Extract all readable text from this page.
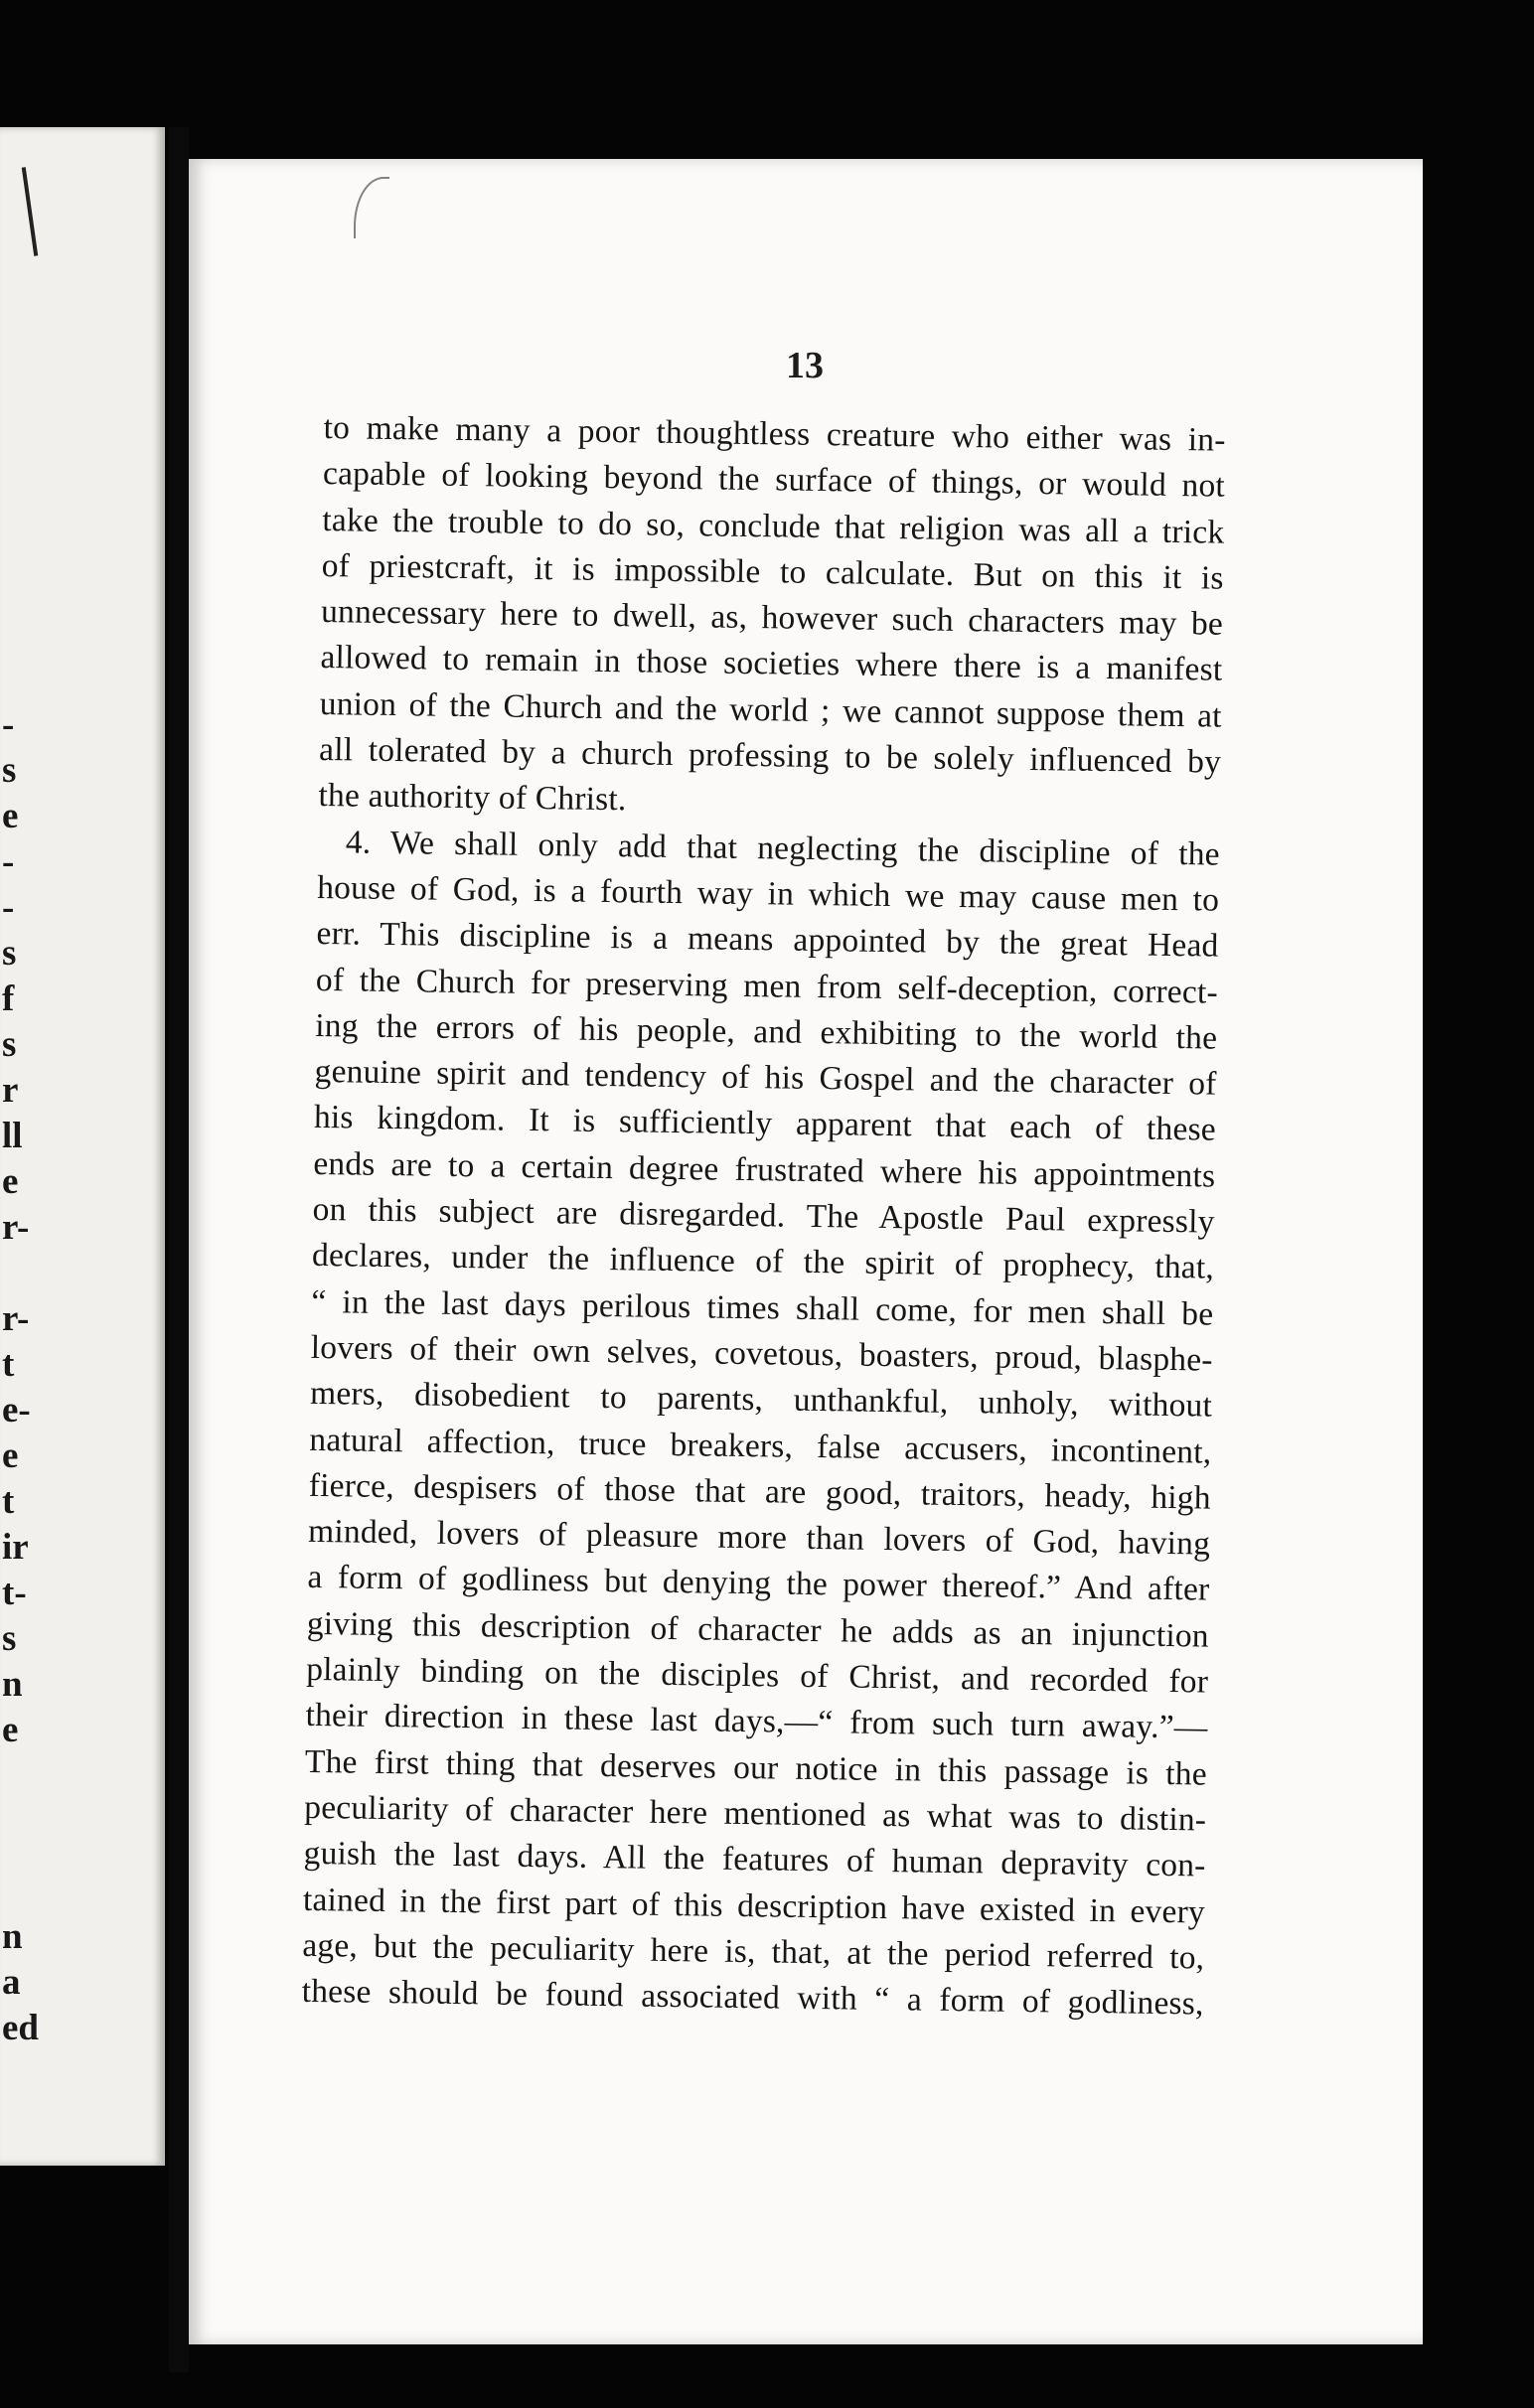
-
s
e
-
-
s
f
s
r
ll
e
r-
r-
t
e-
e
t
ir
t-
s
n
e
n
a
ed
13
to make many a poor thoughtless creature who either was in-
capable of looking beyond the surface of things, or would not
take the trouble to do so, conclude that religion was all a trick
of priestcraft, it is impossible to calculate. But on this it is
unnecessary here to dwell, as, however such characters may be
allowed to remain in those societies where there is a manifest
union of the Church and the world ; we cannot suppose them at
all tolerated by a church professing to be solely influenced by
the authority of Christ.
4. We shall only add that neglecting the discipline of the
house of God, is a fourth way in which we may cause men to
err. This discipline is a means appointed by the great Head
of the Church for preserving men from self-deception, correct-
ing the errors of his people, and exhibiting to the world the
genuine spirit and tendency of his Gospel and the character of
his kingdom. It is sufficiently apparent that each of these
ends are to a certain degree frustrated where his appointments
on this subject are disregarded. The Apostle Paul expressly
declares, under the influence of the spirit of prophecy, that,
“ in the last days perilous times shall come, for men shall be
lovers of their own selves, covetous, boasters, proud, blasphe-
mers, disobedient to parents, unthankful, unholy, without
natural affection, truce breakers, false accusers, incontinent,
fierce, despisers of those that are good, traitors, heady, high
minded, lovers of pleasure more than lovers of God, having
a form of godliness but denying the power thereof.” And after
giving this description of character he adds as an injunction
plainly binding on the disciples of Christ, and recorded for
their direction in these last days,—“ from such turn away.”—
The first thing that deserves our notice in this passage is the
peculiarity of character here mentioned as what was to distin-
guish the last days. All the features of human depravity con-
tained in the first part of this description have existed in every
age, but the peculiarity here is, that, at the period referred to,
these should be found associated with “ a form of godliness,
